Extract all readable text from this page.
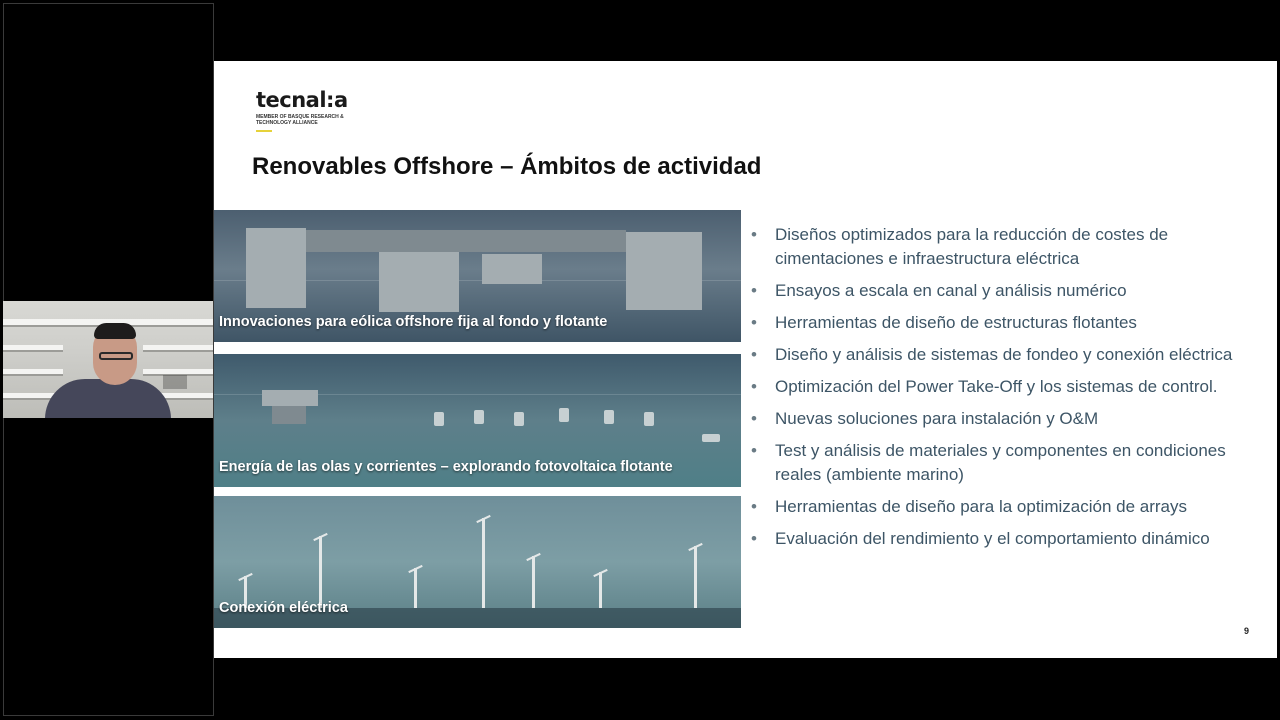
tecnal:a
MEMBER OF BASQUE RESEARCH & TECHNOLOGY ALLIANCE
Renovables Offshore – Ámbitos de actividad
Innovaciones para eólica offshore fija al fondo y flotante
Energía de las olas y corrientes – explorando fotovoltaica flotante
Conexión eléctrica
• Diseños optimizados para la reducción de costes de cimentaciones e infraestructura eléctrica
• Ensayos a escala en canal y análisis numérico
• Herramientas de diseño de estructuras flotantes
• Diseño y análisis de sistemas de fondeo y conexión eléctrica
• Optimización del Power Take-Off y los sistemas de control.
• Nuevas soluciones para instalación y O&M
• Test y análisis de materiales y componentes en condiciones reales (ambiente marino)
• Herramientas de diseño para la optimización de arrays
• Evaluación del rendimiento y el comportamiento dinámico
9
